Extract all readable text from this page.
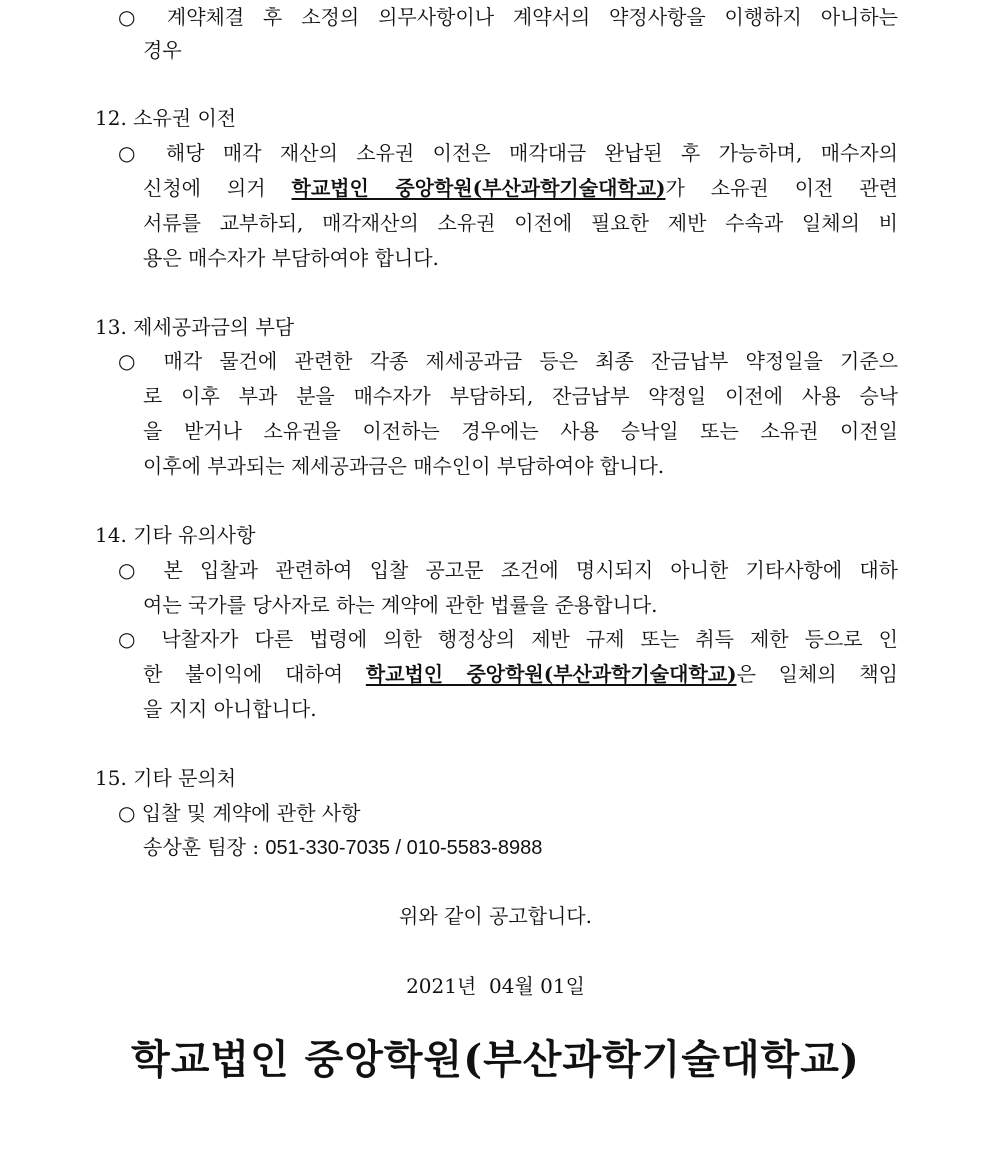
○ 계약체결 후 소정의 의무사항이나 계약서의 약정사항을 이행하지 아니하는
경우
12. 소유권 이전
○ 해당 매각 재산의 소유권 이전은 매각대금 완납된 후 가능하며, 매수자의
신청에 의거 학교법인 중앙학원(부산과학기술대학교)가 소유권 이전 관련
서류를 교부하되, 매각재산의 소유권 이전에 필요한 제반 수속과 일체의 비
용은 매수자가 부담하여야 합니다.
13. 제세공과금의 부담
○ 매각 물건에 관련한 각종 제세공과금 등은 최종 잔금납부 약정일을 기준으
로 이후 부과 분을 매수자가 부담하되, 잔금납부 약정일 이전에 사용 승낙
을 받거나 소유권을 이전하는 경우에는 사용 승낙일 또는 소유권 이전일
이후에 부과되는 제세공과금은 매수인이 부담하여야 합니다.
14. 기타 유의사항
○ 본 입찰과 관련하여 입찰 공고문 조건에 명시되지 아니한 기타사항에 대하
여는 국가를 당사자로 하는 계약에 관한 법률을 준용합니다.
○ 낙찰자가 다른 법령에 의한 행정상의 제반 규제 또는 취득 제한 등으로 인
한 불이익에 대하여 학교법인 중앙학원(부산과학기술대학교)은 일체의 책임
을 지지 아니합니다.
15. 기타 문의처
○ 입찰 및 계약에 관한 사항
송상훈 팀장 : 051-330-7035 / 010-5583-8988
위와 같이 공고합니다.
2021년  04월 01일
학교법인 중앙학원(부산과학기술대학교)
